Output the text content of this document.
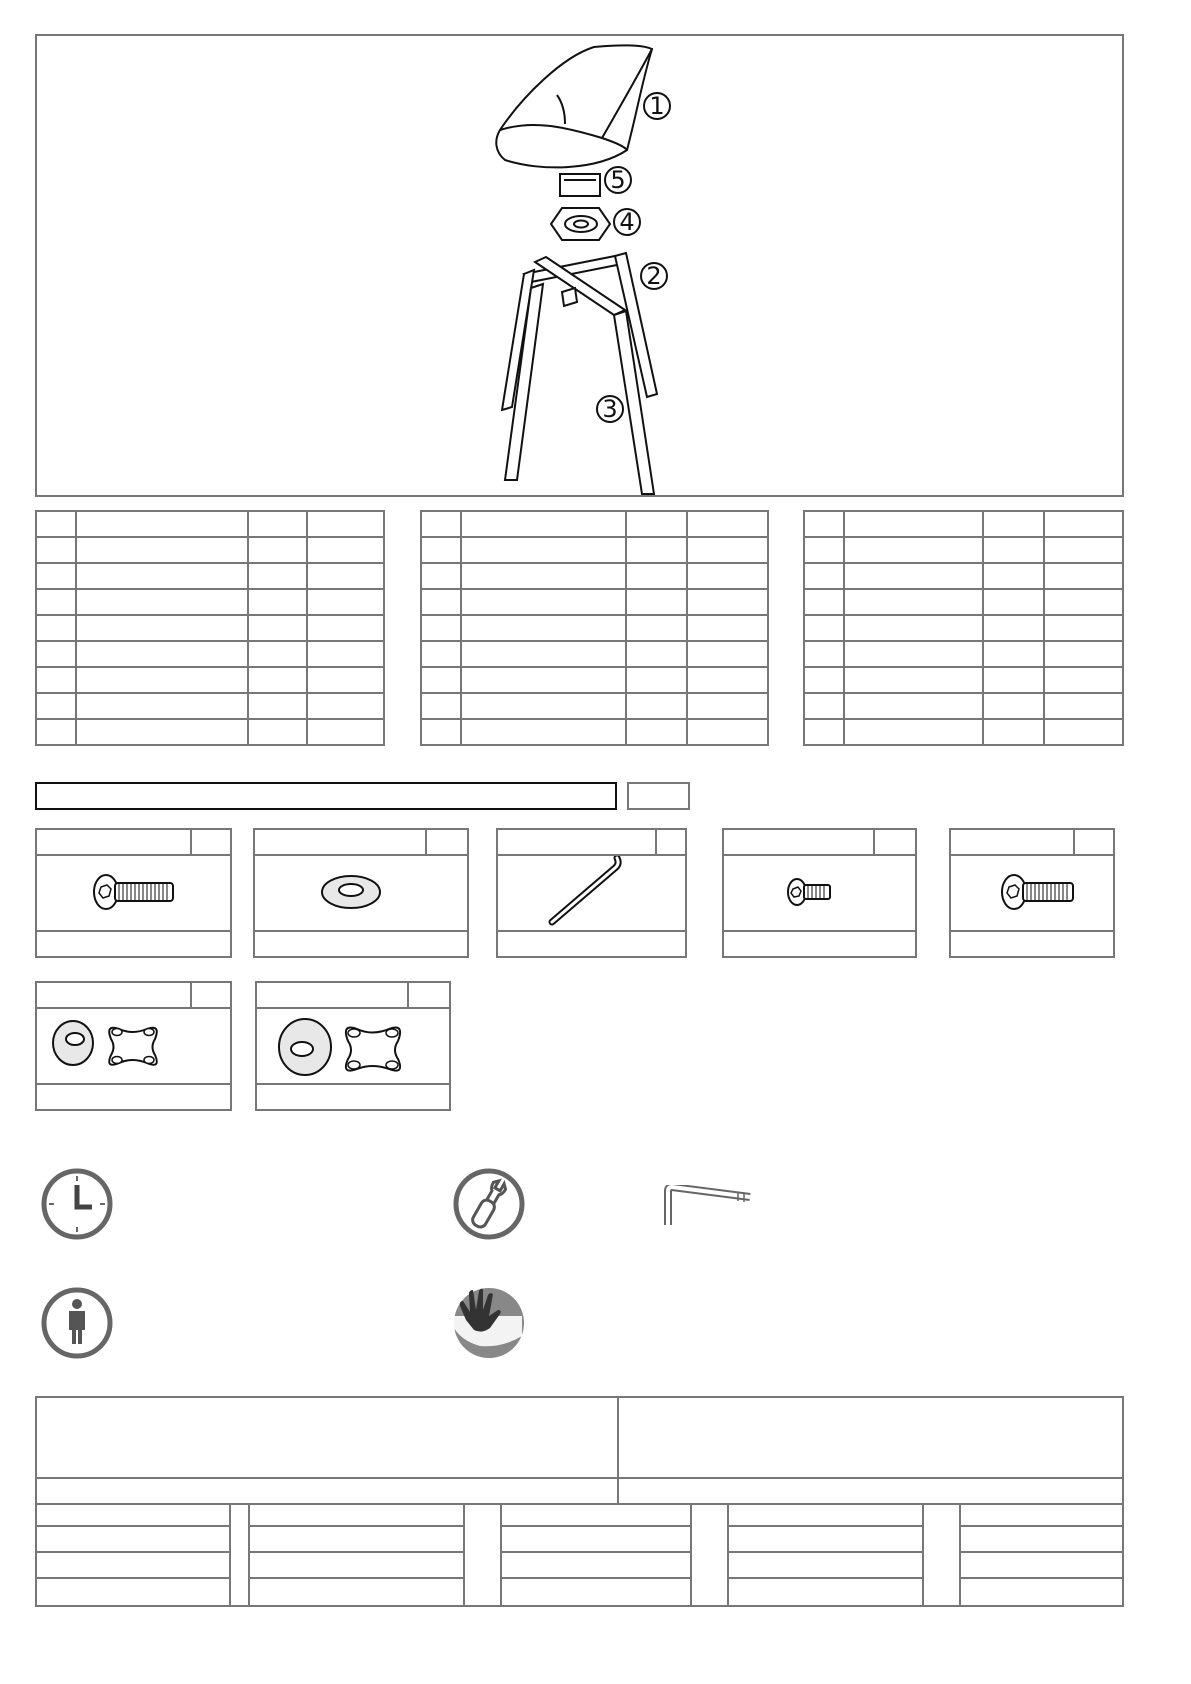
1
5
4
2
3
